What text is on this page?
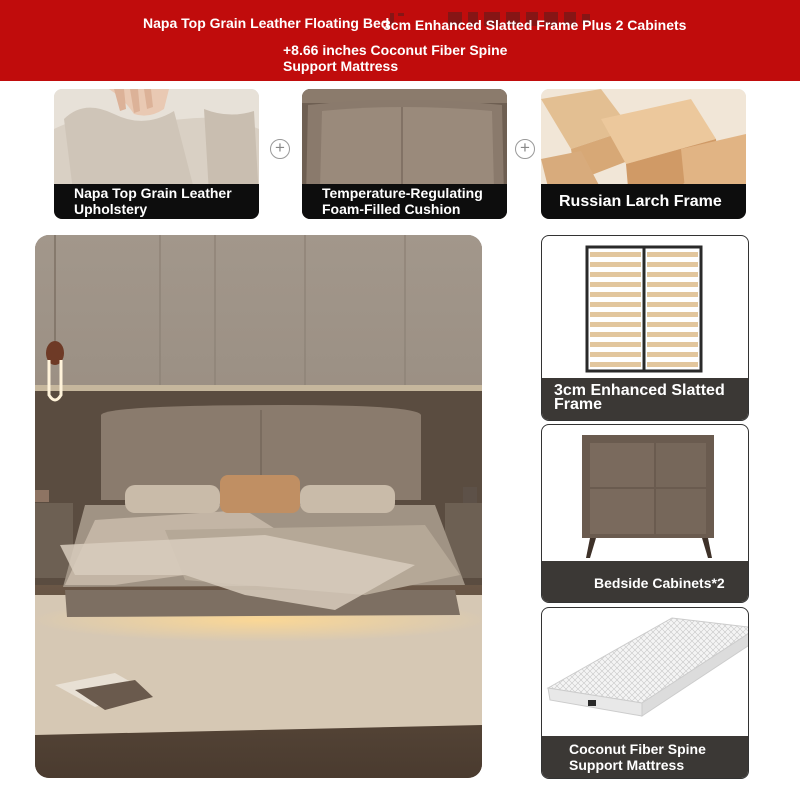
Napa Top Grain Leather Floating Bed
3cm Enhanced Slatted Frame Plus 2 Cabinets
+8.66 inches Coconut Fiber Spine
Support Mattress
Napa Top Grain Leather
Upholstery
+
Temperature-Regulating
Foam-Filled Cushion
+
Russian Larch Frame
3cm Enhanced Slatted
Frame
Bedside Cabinets*2
Coconut Fiber Spine
Support Mattress
